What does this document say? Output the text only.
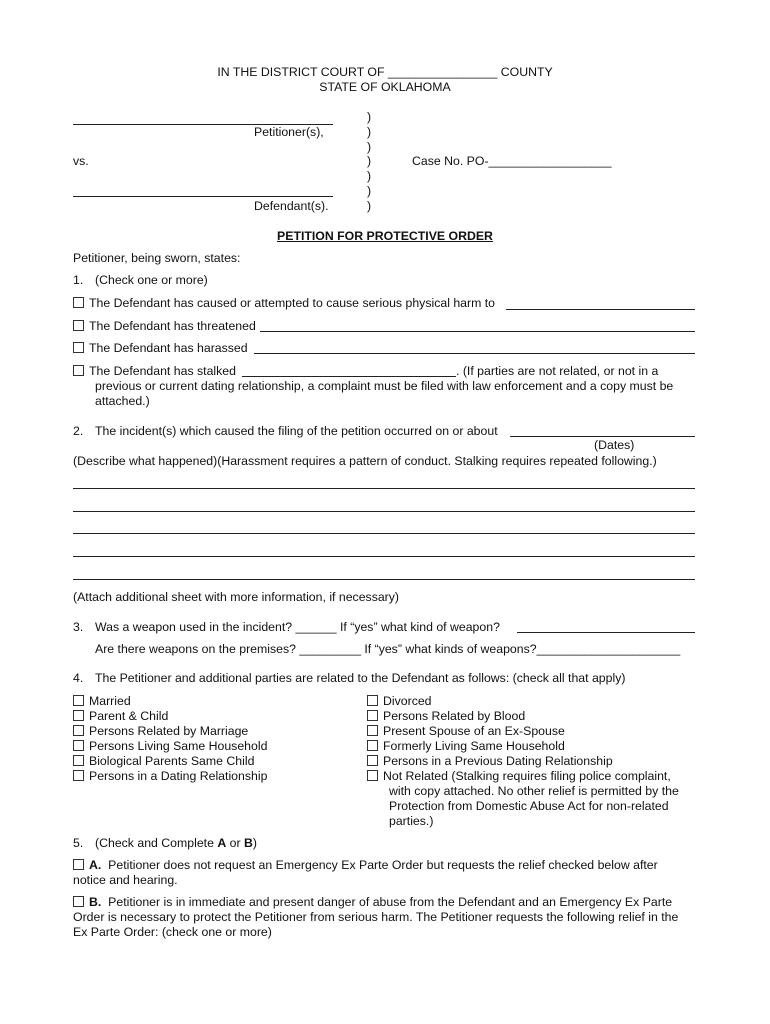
IN THE DISTRICT COURT OF ________________ COUNTY
STATE OF OKLAHOMA
Petitioner(s),
vs.	Case No. PO-__________________
Defendant(s).
)
)
)
)
)
)
)
PETITION FOR PROTECTIVE ORDER
Petitioner, being sworn, states:
1. (Check one or more)
The Defendant has caused or attempted to cause serious physical harm to
The Defendant has threatened
The Defendant has harassed
The Defendant has stalked	. (If parties are not related, or not in a
previous or current dating relationship, a complaint must be filed with law enforcement and a copy must be
attached.)
2. The incident(s) which caused the filing of the petition occurred on or about
(Dates)
(Describe what happened)(Harassment requires a pattern of conduct. Stalking requires repeated following.)
(Attach additional sheet with more information, if necessary)
3. Was a weapon used in the incident? ______ If “yes” what kind of weapon?
Are there weapons on the premises? _________ If “yes” what kinds of weapons?_____________________
4. The Petitioner and additional parties are related to the Defendant as follows: (check all that apply)
Married
Parent & Child
Persons Related by Marriage
Persons Living Same Household
Biological Parents Same Child
Persons in a Dating Relationship
Divorced
Persons Related by Blood
Present Spouse of an Ex-Spouse
Formerly Living Same Household
Persons in a Previous Dating Relationship
Not Related (Stalking requires filing police complaint,
with copy attached. No other relief is permitted by the
Protection from Domestic Abuse Act for non-related
parties.)
5. (Check and Complete A or B)
A. Petitioner does not request an Emergency Ex Parte Order but requests the relief checked below after
notice and hearing.
B. Petitioner is in immediate and present danger of abuse from the Defendant and an Emergency Ex Parte
Order is necessary to protect the Petitioner from serious harm. The Petitioner requests the following relief in the
Ex Parte Order: (check one or more)
